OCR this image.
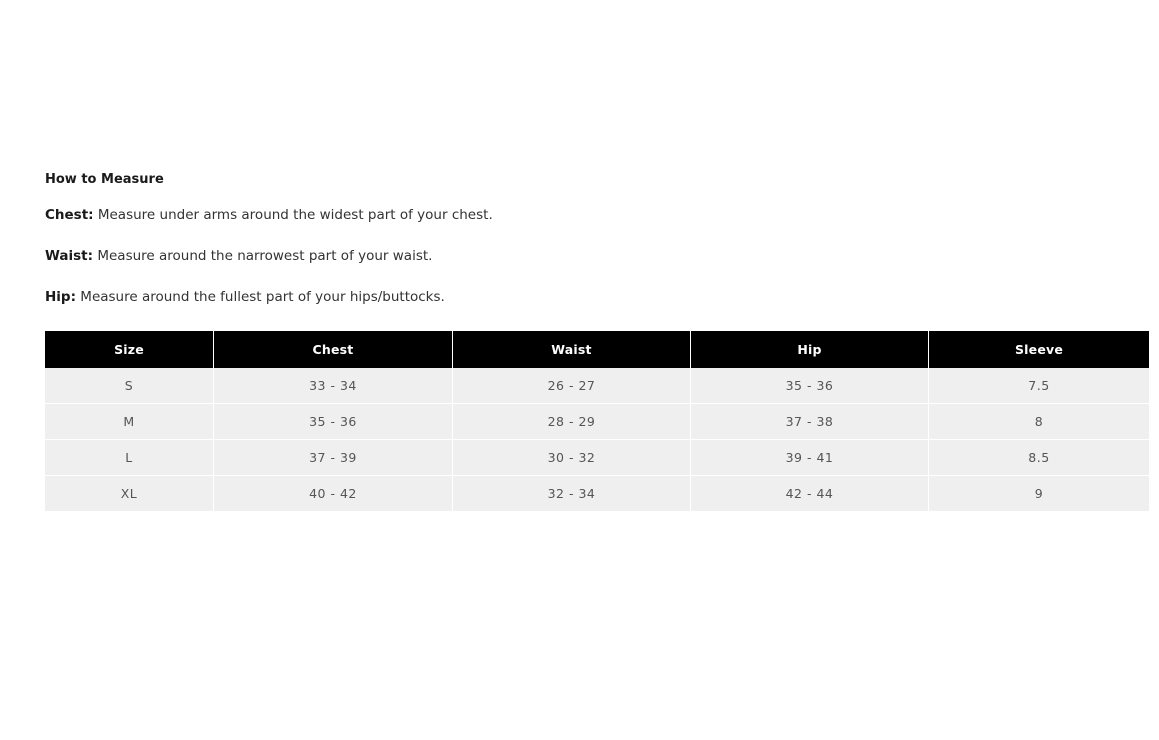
How to Measure

Chest: Measure under arms around the widest part of your chest.

Waist: Measure around the narrowest part of your waist.

Hip: Measure around the fullest part of your hips/buttocks.

Size	Chest	Waist	Hip	Sleeve
S	33 - 34	26 - 27	35 - 36	7.5
M	35 - 36	28 - 29	37 - 38	8
L	37 - 39	30 - 32	39 - 41	8.5
XL	40 - 42	32 - 34	42 - 44	9
